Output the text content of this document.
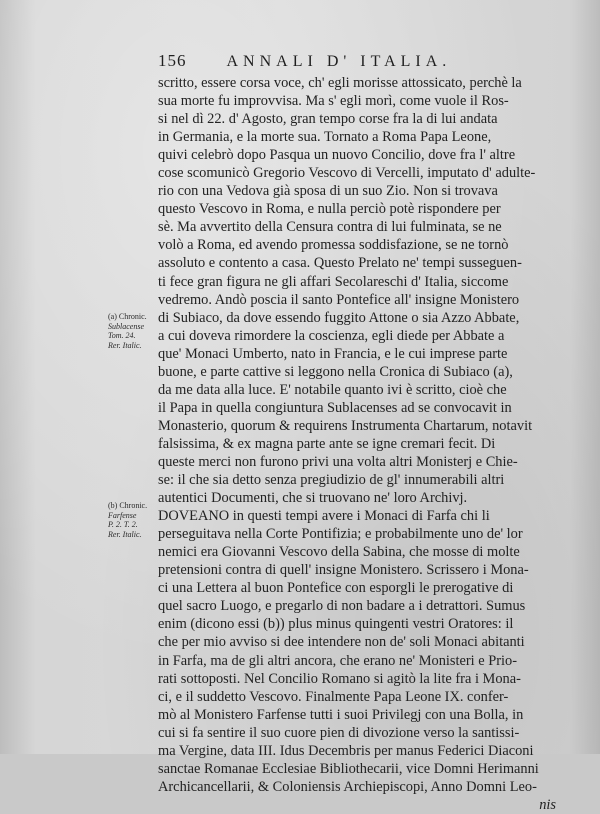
156	ANNALI D' ITALIA.
scritto, essere corsa voce, ch' egli morisse attossicato, perchè la
sua morte fu improvvisa. Ma s' egli morì, come vuole il Ros-
si nel dì 22. d' Agosto, gran tempo corse fra la di lui andata
in Germania, e la morte sua. Tornato a Roma Papa Leone,
quivi celebrò dopo Pasqua un nuovo Concilio, dove fra l' altre
cose scomunicò Gregorio Vescovo di Vercelli, imputato d' adulte-
rio con una Vedova già sposa di un suo Zio. Non si trovava
questo Vescovo in Roma, e nulla perciò potè rispondere per
sè. Ma avvertito della Censura contra di lui fulminata, se ne
volò a Roma, ed avendo promessa soddisfazione, se ne tornò
assoluto e contento a casa. Questo Prelato ne' tempi susseguen-
ti fece gran figura ne gli affari Secolareschi d' Italia, siccome
vedremo. Andò poscia il santo Pontefice all' insigne Monistero
di Subiaco, da dove essendo fuggito Attone o sia Azzo Abbate,
a cui doveva rimordere la coscienza, egli diede per Abbate a
que' Monaci Umberto, nato in Francia, e le cui imprese parte
buone, e parte cattive si leggono nella Cronica di Subiaco (a),
da me data alla luce. E' notabile quanto ivi è scritto, cioè che
il Papa in quella congiuntura Sublacenses ad se convocavit in
Monasterio, quorum & requirens Instrumenta Chartarum, notavit
falsissima, & ex magna parte ante se igne cremari fecit. Di
queste merci non furono privi una volta altri Monisterj e Chie-
se: il che sia detto senza pregiudizio de gl' innumerabili altri
autentici Documenti, che si truovano ne' loro Archivj.
DOVEANO in questi tempi avere i Monaci di Farfa chi li
perseguitava nella Corte Pontifizia; e probabilmente uno de' lor
nemici era Giovanni Vescovo della Sabina, che mosse di molte
pretensioni contra di quell' insigne Monistero. Scrissero i Mona-
ci una Lettera al buon Pontefice con esporgli le prerogative di
quel sacro Luogo, e pregarlo di non badare a i detrattori. Sumus
enim (dicono essi (b)) plus minus quingenti vestri Oratores: il
che per mio avviso si dee intendere non de' soli Monaci abitanti
in Farfa, ma de gli altri ancora, che erano ne' Monisteri e Prio-
rati sottoposti. Nel Concilio Romano si agitò la lite fra i Mona-
ci, e il suddetto Vescovo. Finalmente Papa Leone IX. confer-
mò al Monistero Farfense tutti i suoi Privilegj con una Bolla, in
cui si fa sentire il suo cuore pien di divozione verso la santissi-
ma Vergine, data III. Idus Decembris per manus Federici Diaconi
sanctae Romanae Ecclesiae Bibliothecarii, vice Domni Herimanni
Archicancellarii, & Coloniensis Archiepiscopi, Anno Domni Leo-
nis
(a) Chronic.
Sublacense
Tom. 24.
Rer. Italic.
(b) Chronic.
Farfense
P. 2. T. 2.
Rer. Italic.
